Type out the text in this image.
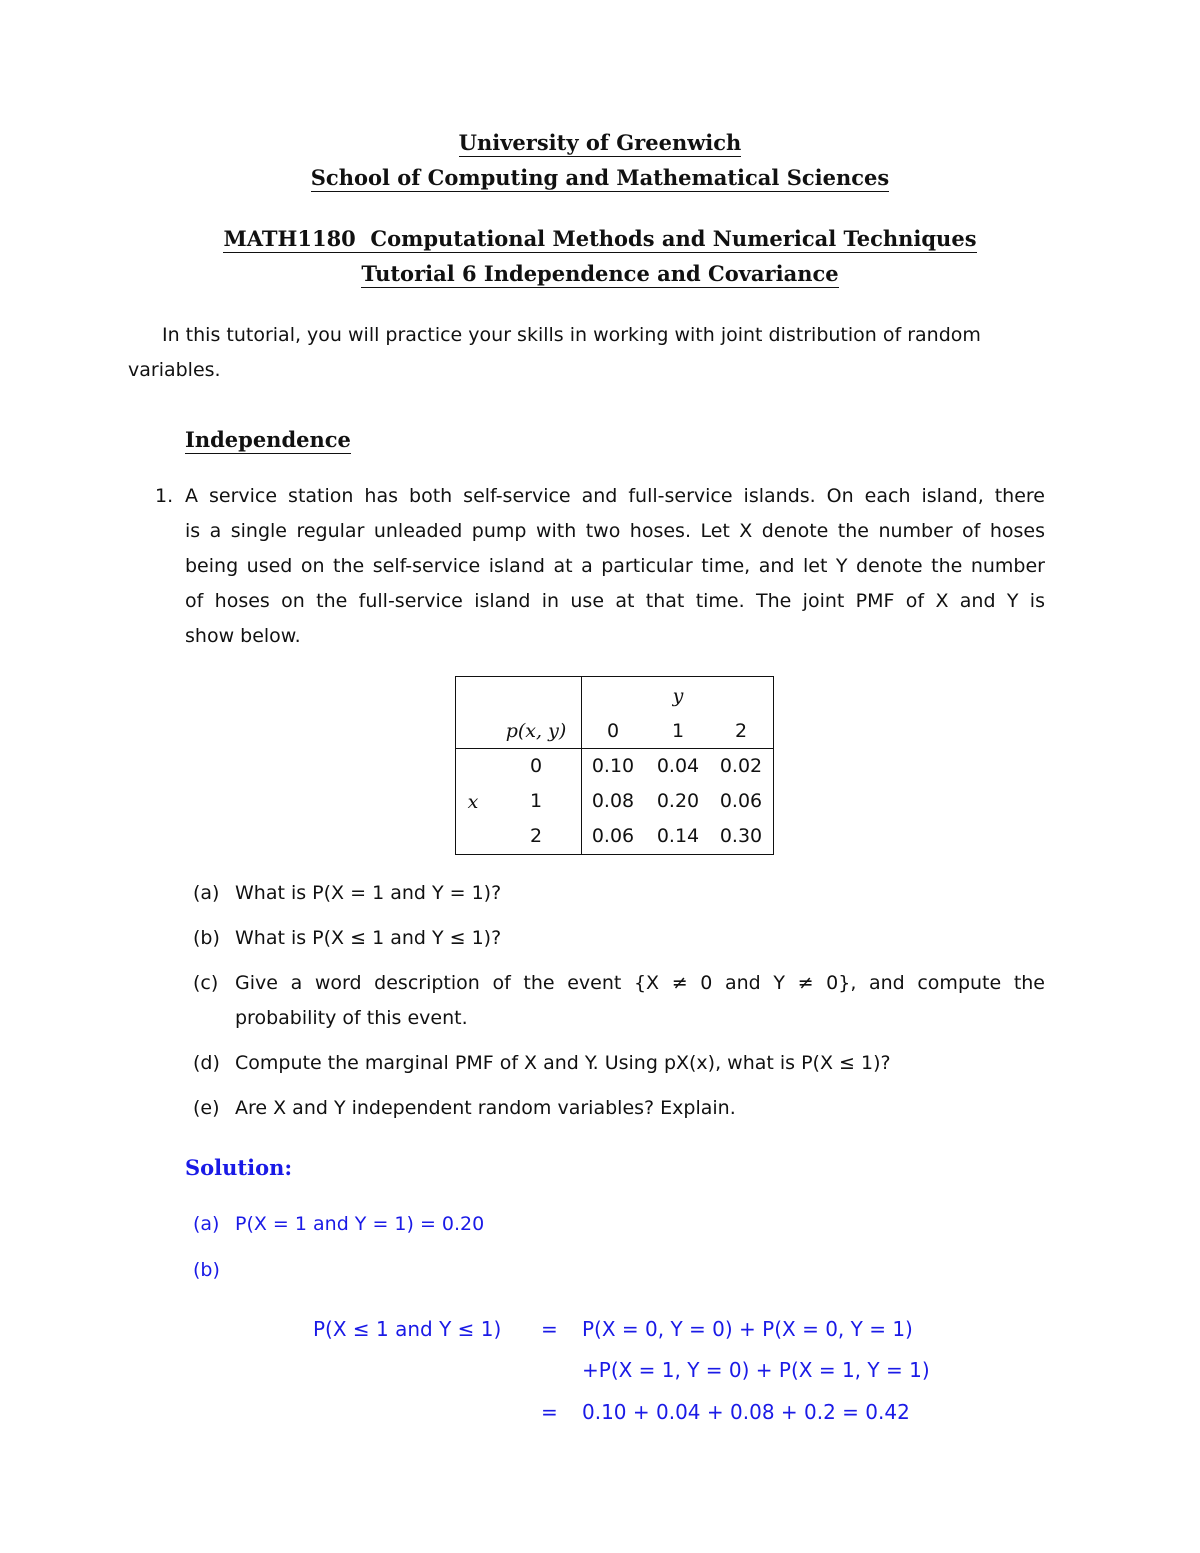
University of Greenwich
School of Computing and Mathematical Sciences
MATH1180  Computational Methods and Numerical Techniques
Tutorial 6 Independence and Covariance
In this tutorial, you will practice your skills in working with joint distribution of random
variables.
Independence
1. A service station has both self-service and full-service islands. On each island, there
is a single regular unleaded pump with two hoses. Let X denote the number of hoses
being used on the self-service island at a particular time, and let Y denote the number
of hoses on the full-service island in use at that time. The joint PMF of X and Y is
show below.
y
p(x, y)	0	1	2
x
0	0.10	0.04	0.02
1	0.08	0.20	0.06
2	0.06	0.14	0.30
(a) What is P(X = 1 and Y = 1)?
(b) What is P(X ≤ 1 and Y ≤ 1)?
(c) Give a word description of the event {X ≠ 0 and Y ≠ 0}, and compute the
probability of this event.
(d) Compute the marginal PMF of X and Y. Using pX(x), what is P(X ≤ 1)?
(e) Are X and Y independent random variables? Explain.
Solution:
(a) P(X = 1 and Y = 1) = 0.20
(b)
P(X ≤ 1 and Y ≤ 1) = P(X = 0, Y = 0) + P(X = 0, Y = 1)
+P(X = 1, Y = 0) + P(X = 1, Y = 1)
= 0.10 + 0.04 + 0.08 + 0.2 = 0.42
